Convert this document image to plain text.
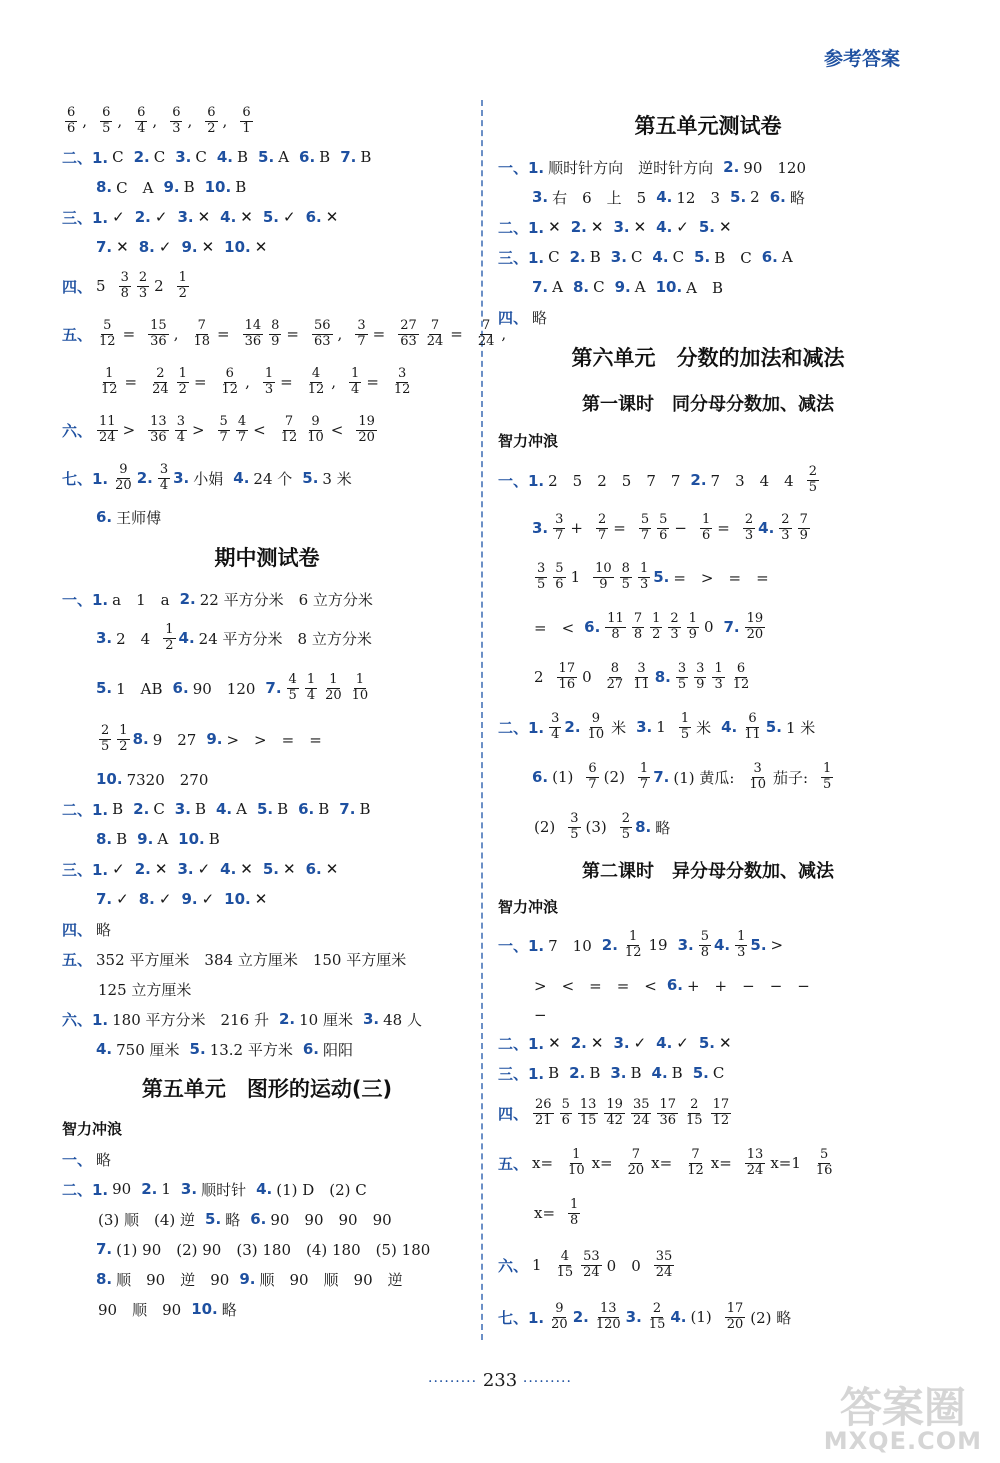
参考答案
$\frac{6}{6}$ , $\frac{6}{5}$ , $\frac{6}{4}$ , $\frac{6}{3}$ , $\frac{6}{2}$ , $\frac{6}{1}$
二、1. C 2. C 3. C 4. B 5. A 6. B 7. B
8. C　A 9. B 10. B
三、1. ✓ 2. ✓ 3. ✕ 4. ✕ 5. ✓ 6. ✕
7. ✕ 8. ✓ 9. ✕ 10. ✕
四、 $5 \frac{3}{8} \frac{2}{3} 2 \frac{1}{2}$
五、 $\frac{5}{12} = \frac{15}{36}$ , $\frac{7}{18} = \frac{14}{36} \frac{8}{9} = \frac{56}{63}$ , $\frac{3}{7} = \frac{27}{63} \frac{7}{24} = \frac{7}{24}$ ,
$\frac{1}{12} = \frac{2}{24} \frac{1}{2} = \frac{6}{12}$ , $\frac{1}{3} = \frac{4}{12}$ , $\frac{1}{4} = \frac{3}{12}$
六、 $\frac{11}{24} > \frac{13}{36} \frac{3}{4} > \frac{5}{7} \frac{4}{7} < \frac{7}{12} \frac{9}{10} < \frac{19}{20}$
七、1. $\frac{9}{20} 2$. $\frac{3}{4} 3$. 小娟 4. 24 个 5. 3 米
6. 王师傅
期中测试卷
一、1. a　1　a 2. 22 平方分米　6 立方分米
3. 2　$4 \frac{1}{2} 4$. 24 平方分米　8 立方分米
5. 1　AB 6. 90　120 7. $\frac{4}{5} \frac{1}{4} \frac{1}{20} \frac{1}{10}$
$\frac{2}{5} \frac{1}{2} 8$. 9　27 9. >　>　=　=
10. 7320　270
二、1. B 2. C 3. B 4. A 5. B 6. B 7. B
8. B 9. A 10. B
三、1. ✓ 2. ✕ 3. ✓ 4. ✕ 5. ✕ 6. ✕
7. ✓ 8. ✓ 9. ✓ 10. ✕
四、 略
五、 352 平方厘米　384 立方厘米　150 平方厘米
125 立方厘米
六、1. 180 平方分米　216 升 2. 10 厘米 3. 48 人
4. 750 厘米 5. 13.2 平方米 6. 阳阳
第五单元　图形的运动(三)
智力冲浪
一、 略
二、1. 90 2. 1 3. 顺时针 4. (1) D　(2) C
(3) 顺　(4) 逆 5. 略 6. 90　90　90　90
7. (1) 90　(2) 90　(3) 180　(4) 180　(5) 180
8. 顺　90　逆　90 9. 顺　90　顺　90　逆
90　顺　90 10. 略
第五单元测试卷
一、1. 顺时针方向　逆时针方向 2. 90　120
3. 右　6　上　5 4. 12　3 5. 2 6. 略
二、1. ✕ 2. ✕ 3. ✕ 4. ✓ 5. ✕
三、1. C 2. B 3. C 4. C 5. B　C 6. A
7. A 8. C 9. A 10. A　B
四、 略
第六单元　分数的加法和减法
第一课时　同分母分数加、减法
智力冲浪
一、1. 2　5　2　5　7　7 2. 7　3　4　$4 \frac{2}{5}$
3. $\frac{3}{7} + \frac{2}{7} = \frac{5}{7} \frac{5}{6} - \frac{1}{6} = \frac{2}{3} 4$. $\frac{2}{3} \frac{7}{9}$
$\frac{3}{5} \frac{5}{6} 1 \frac{10}{9} \frac{8}{5} \frac{1}{3} 5$. =　>　=　=
=　< 6. $\frac{11}{8} \frac{7}{8} \frac{1}{2} \frac{2}{3} \frac{1}{9} 0$ 7. $\frac{19}{20}$
$2 \frac{17}{16} 0 \frac{8}{27} \frac{3}{11} 8$. $\frac{3}{5} \frac{3}{9} \frac{1}{3} \frac{6}{12}$
二、1. $\frac{3}{4} 2$. $\frac{9}{10}$ 米 3. $1 \frac{1}{5}$ 米 4. $\frac{6}{11} 5$. 1 米
6. $(1) \frac{6}{7} (2) \frac{1}{7} 7$. (1) 黄瓜: $\frac{3}{10}$ 茄子: $\frac{1}{5}$
$(2) \frac{3}{5} (3) \frac{2}{5} 8$. 略
第二课时　异分母分数加、减法
智力冲浪
一、1. 7　10 2. $\frac{1}{12} 19$ 3. $\frac{5}{8} 4$. $\frac{1}{3} 5$. >
>　<　=　=　< 6. +　+　−　−　−
−
二、1. ✕ 2. ✕ 3. ✓ 4. ✓ 5. ✕
三、1. B 2. B 3. B 4. B 5. C
四、 $\frac{26}{21} \frac{5}{6} \frac{13}{15} \frac{19}{42} \frac{35}{24} \frac{17}{36} \frac{2}{15} \frac{17}{12}$
五、 $x= \frac{1}{10} x= \frac{7}{20} x= \frac{7}{12} x= \frac{13}{24} x=1 \frac{5}{16}$
$x= \frac{1}{8}$
六、 $1 \frac{4}{15} \frac{53}{24} 0$　$0 \frac{35}{24}$
七、1. $\frac{9}{20} 2$. $\frac{13}{120} 3$. $\frac{2}{15} 4$. $(1) \frac{17}{20} (2)$ 略
········· 233 ·········
答案圈
MXQE.COM
